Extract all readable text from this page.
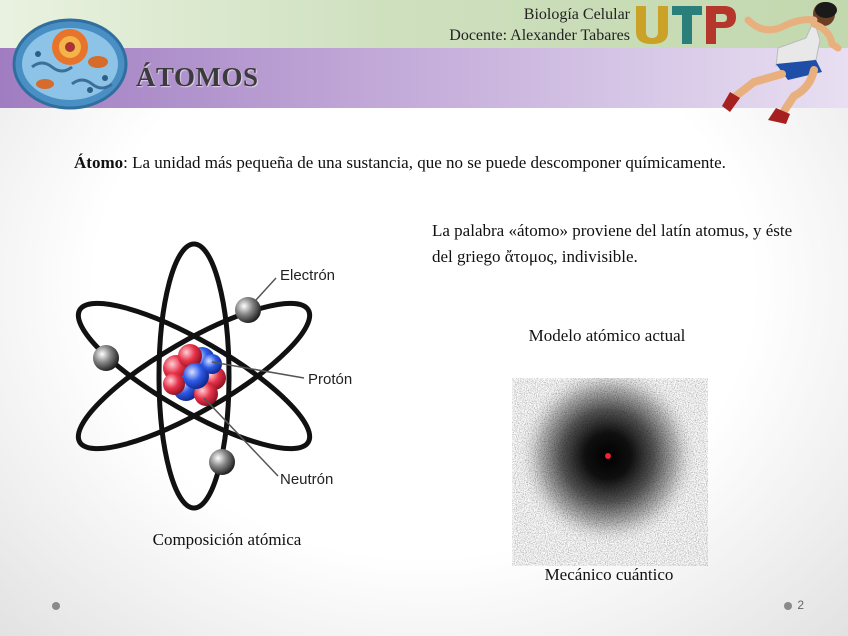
Biología Celular
Docente: Alexander Tabares	UTP
ÁTOMOS
Átomo: La unidad más pequeña de una sustancia, que no se puede descomponer químicamente.
La palabra «átomo» proviene del latín atomus, y éste del griego ἄτομος, indivisible.
Electrón
Protón
Neutrón
Composición atómica
Modelo atómico actual
Mecánico cuántico
2
